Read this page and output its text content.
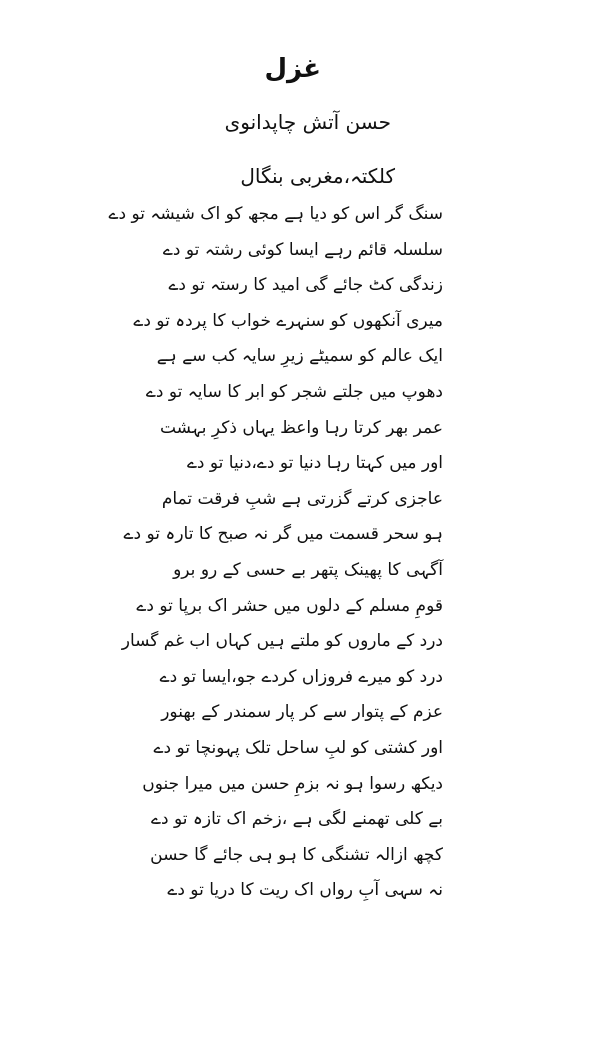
غزل
حسن آتش چاپدانوی
کلکتہ،مغربی بنگال
سنگ گر اس کو دیا ہے مجھ کو اک شیشہ تو دے
سلسلہ قائم رہے ایسا کوئی رشتہ تو دے
زندگی کٹ جائے گی امید کا رستہ تو دے
میری آنکھوں کو سنہرے خواب کا پردہ تو دے
ایک عالم کو سمیٹے زیرِ سایہ کب سے ہے
دھوپ میں جلتے شجر کو ابر کا سایہ تو دے
عمر بھر کرتا رہا واعظ یہاں ذکرِ بہشت
اور میں کہتا رہا دنیا تو دے،دنیا تو دے
عاجزی کرتے گزرتی ہے شبِ فرقت تمام
ہو سحر قسمت میں گر نہ صبح کا تارہ تو دے
آگہی کا پھینک پتھر بے حسی کے رو برو
قومِ مسلم کے دلوں میں حشر اک برپا تو دے
درد کے ماروں کو ملتے ہیں کہاں اب غم گسار
درد کو میرے فروزاں کردے جو،ایسا تو دے
عزم کے پتوار سے کر پار سمندر کے بھنور
اور کشتی کو لبِ ساحل تلک پہونچا تو دے
دیکھ رسوا ہو نہ بزمِ حسن میں میرا جنوں
بے کلی تھمنے لگی ہے ،زخم اک تازہ تو دے
کچھ ازالہ تشنگی کا ہو ہی جائے گا حسن
نہ سہی آبِ رواں اک ریت کا دریا تو دے
